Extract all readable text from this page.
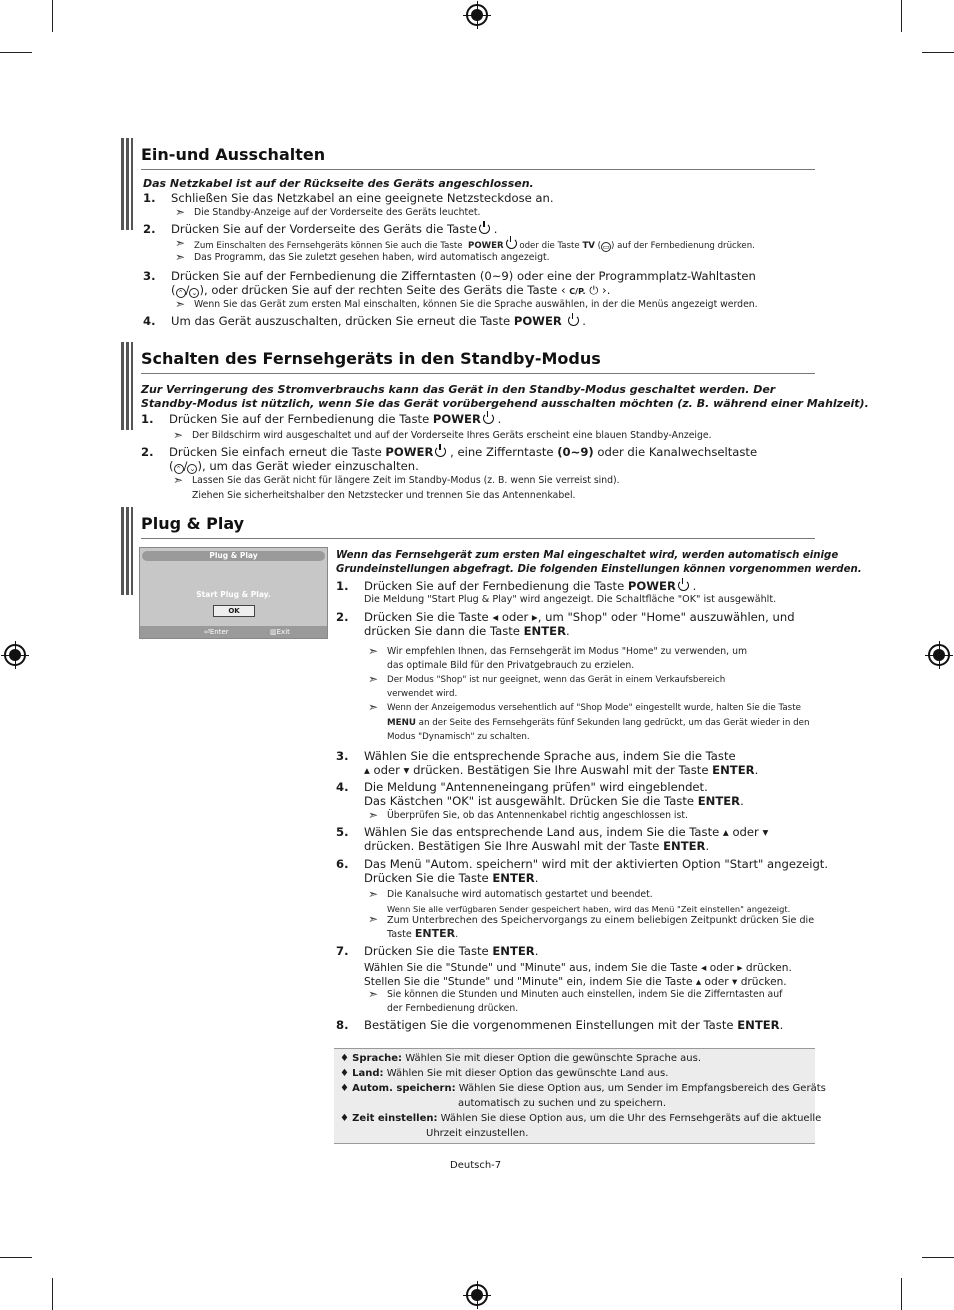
Ein-und Ausschalten
Das Netzkabel ist auf der Rückseite des Geräts angeschlossen.
1. Schließen Sie das Netzkabel an eine geeignete Netzsteckdose an.
➣ Die Standby-Anzeige auf der Vorderseite des Geräts leuchtet.
2. Drücken Sie auf der Vorderseite des Geräts die Taste .
➣ Zum Einschalten des Fernsehgeräts können Sie auch die Taste POWER oder die Taste TV ( ▭ ) auf der Fernbedienung drücken.
➣ Das Programm, das Sie zuletzt gesehen haben, wird automatisch angezeigt.
3. Drücken Sie auf der Fernbedienung die Zifferntasten (0~9) oder eine der Programmplatz-Wahltasten
( ⌃ / ⌄ ), oder drücken Sie auf der rechten Seite des Geräts die Taste ‹ C/P. ⏻ ›.
➣ Wenn Sie das Gerät zum ersten Mal einschalten, können Sie die Sprache auswählen, in der die Menüs angezeigt werden.
4. Um das Gerät auszuschalten, drücken Sie erneut die Taste POWER  .
Schalten des Fernsehgeräts in den Standby-Modus
Zur Verringerung des Stromverbrauchs kann das Gerät in den Standby-Modus geschaltet werden. Der
Standby-Modus ist nützlich, wenn Sie das Gerät vorübergehend ausschalten möchten (z. B. während einer Mahlzeit).
1. Drücken Sie auf der Fernbedienung die Taste POWER .
➣ Der Bildschirm wird ausgeschaltet und auf der Vorderseite Ihres Geräts erscheint eine blauen Standby-Anzeige.
2. Drücken Sie einfach erneut die Taste POWER , eine Zifferntaste (0~9) oder die Kanalwechseltaste
( ⌃ / ⌄ ), um das Gerät wieder einzuschalten.
➣ Lassen Sie das Gerät nicht für längere Zeit im Standby-Modus (z. B. wenn Sie verreist sind).
Ziehen Sie sicherheitshalber den Netzstecker und trennen Sie das Antennenkabel.
Plug & Play
Plug & Play
Start Plug & Play.
OK
⏎Enter	▥Exit
Wenn das Fernsehgerät zum ersten Mal eingeschaltet wird, werden automatisch einige
Grundeinstellungen abgefragt. Die folgenden Einstellungen können vorgenommen werden.
1. Drücken Sie auf der Fernbedienung die Taste POWER .
Die Meldung "Start Plug & Play" wird angezeigt. Die Schaltfläche "OK" ist ausgewählt.
2. Drücken Sie die Taste ◂ oder ▸, um "Shop" oder "Home" auszuwählen, und
drücken Sie dann die Taste ENTER.
➣ Wir empfehlen Ihnen, das Fernsehgerät im Modus "Home" zu verwenden, um
das optimale Bild für den Privatgebrauch zu erzielen.
➣ Der Modus "Shop" ist nur geeignet, wenn das Gerät in einem Verkaufsbereich
verwendet wird.
➣ Wenn der Anzeigemodus versehentlich auf "Shop Mode" eingestellt wurde, halten Sie die Taste
MENU an der Seite des Fernsehgeräts fünf Sekunden lang gedrückt, um das Gerät wieder in den
Modus "Dynamisch" zu schalten.
3. Wählen Sie die entsprechende Sprache aus, indem Sie die Taste
▴ oder ▾ drücken. Bestätigen Sie Ihre Auswahl mit der Taste ENTER.
4. Die Meldung "Antenneneingang prüfen" wird eingeblendet.
Das Kästchen "OK" ist ausgewählt. Drücken Sie die Taste ENTER.
➣ Überprüfen Sie, ob das Antennenkabel richtig angeschlossen ist.
5. Wählen Sie das entsprechende Land aus, indem Sie die Taste ▴ oder ▾
drücken. Bestätigen Sie Ihre Auswahl mit der Taste ENTER.
6. Das Menü "Autom. speichern" wird mit der aktivierten Option "Start" angezeigt.
Drücken Sie die Taste ENTER.
➣ Die Kanalsuche wird automatisch gestartet und beendet.
Wenn Sie alle verfügbaren Sender gespeichert haben, wird das Menü "Zeit einstellen" angezeigt.
➣ Zum Unterbrechen des Speichervorgangs zu einem beliebigen Zeitpunkt drücken Sie die
Taste ENTER.
7. Drücken Sie die Taste ENTER.
Wählen Sie die "Stunde" und "Minute" aus, indem Sie die Taste ◂ oder ▸ drücken.
Stellen Sie die "Stunde" und "Minute" ein, indem Sie die Taste ▴ oder ▾ drücken.
➣ Sie können die Stunden und Minuten auch einstellen, indem Sie die Zifferntasten auf
der Fernbedienung drücken.
8. Bestätigen Sie die vorgenommenen Einstellungen mit der Taste ENTER.
♦ Sprache: Wählen Sie mit dieser Option die gewünschte Sprache aus.
♦ Land: Wählen Sie mit dieser Option das gewünschte Land aus.
♦ Autom. speichern: Wählen Sie diese Option aus, um Sender im Empfangsbereich des Geräts
automatisch zu suchen und zu speichern.
♦ Zeit einstellen: Wählen Sie diese Option aus, um die Uhr des Fernsehgeräts auf die aktuelle
Uhrzeit einzustellen.
Deutsch-7
